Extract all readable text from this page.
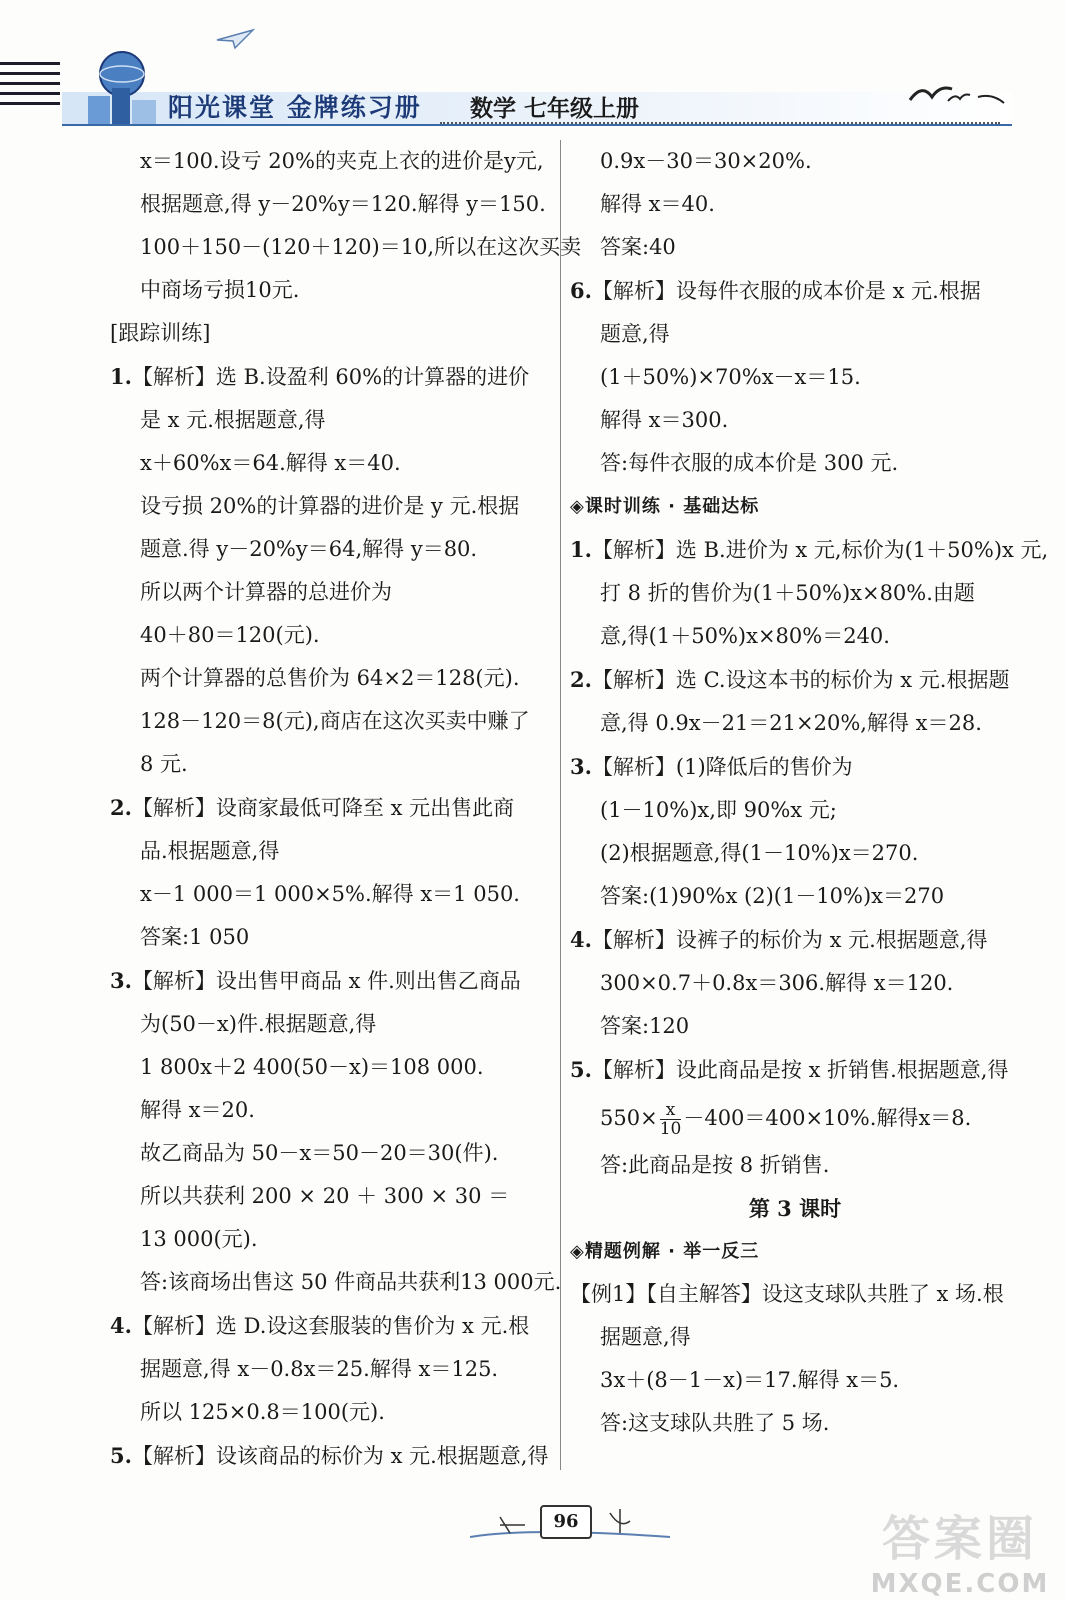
阳光课堂 金牌练习册 数学 七年级上册
x＝100.设亏 20%的夹克上衣的进价是y元,
根据题意,得 y－20%y＝120.解得 y＝150.
100＋150－(120＋120)＝10,所以在这次买卖
中商场亏损10元.
[跟踪训练]
1.【解析】选 B.设盈利 60%的计算器的进价
是 x 元.根据题意,得
x＋60%x＝64.解得 x＝40.
设亏损 20%的计算器的进价是 y 元.根据
题意.得 y－20%y＝64,解得 y＝80.
所以两个计算器的总进价为
40＋80＝120(元).
两个计算器的总售价为 64×2＝128(元).
128－120＝8(元),商店在这次买卖中赚了
8 元.
2.【解析】设商家最低可降至 x 元出售此商
品.根据题意,得
x－1 000＝1 000×5%.解得 x＝1 050.
答案:1 050
3.【解析】设出售甲商品 x 件.则出售乙商品
为(50－x)件.根据题意,得
1 800x＋2 400(50－x)＝108 000.
解得 x＝20.
故乙商品为 50－x＝50－20＝30(件).
所以共获利 200 × 20 ＋ 300 × 30 ＝
13 000(元).
答:该商场出售这 50 件商品共获利13 000元.
4.【解析】选 D.设这套服装的售价为 x 元.根
据题意,得 x－0.8x＝25.解得 x＝125.
所以 125×0.8＝100(元).
5.【解析】设该商品的标价为 x 元.根据题意,得
0.9x－30＝30×20%.
解得 x＝40.
答案:40
6.【解析】设每件衣服的成本价是 x 元.根据
题意,得
(1＋50%)×70%x－x＝15.
解得 x＝300.
答:每件衣服的成本价是 300 元.
◈课时训练 · 基础达标
1.【解析】选 B.进价为 x 元,标价为(1＋50%)x 元,
打 8 折的售价为(1＋50%)x×80%.由题
意,得(1＋50%)x×80%＝240.
2.【解析】选 C.设这本书的标价为 x 元.根据题
意,得 0.9x－21＝21×20%,解得 x＝28.
3.【解析】(1)降低后的售价为
(1－10%)x,即 90%x 元;
(2)根据题意,得(1－10%)x＝270.
答案:(1)90%x (2)(1－10%)x＝270
4.【解析】设裤子的标价为 x 元.根据题意,得
300×0.7＋0.8x＝306.解得 x＝120.
答案:120
5.【解析】设此商品是按 x 折销售.根据题意,得
$550\times \frac{x}{10} -400=400\times 10\%$.解得x＝8.
答:此商品是按 8 折销售.
第 3 课时
◈精题例解 · 举一反三
【例1】【自主解答】设这支球队共胜了 x 场.根
据题意,得
3x＋(8－1－x)＝17.解得 x＝5.
答:这支球队共胜了 5 场.
96	答案圈
MXQE.COM
